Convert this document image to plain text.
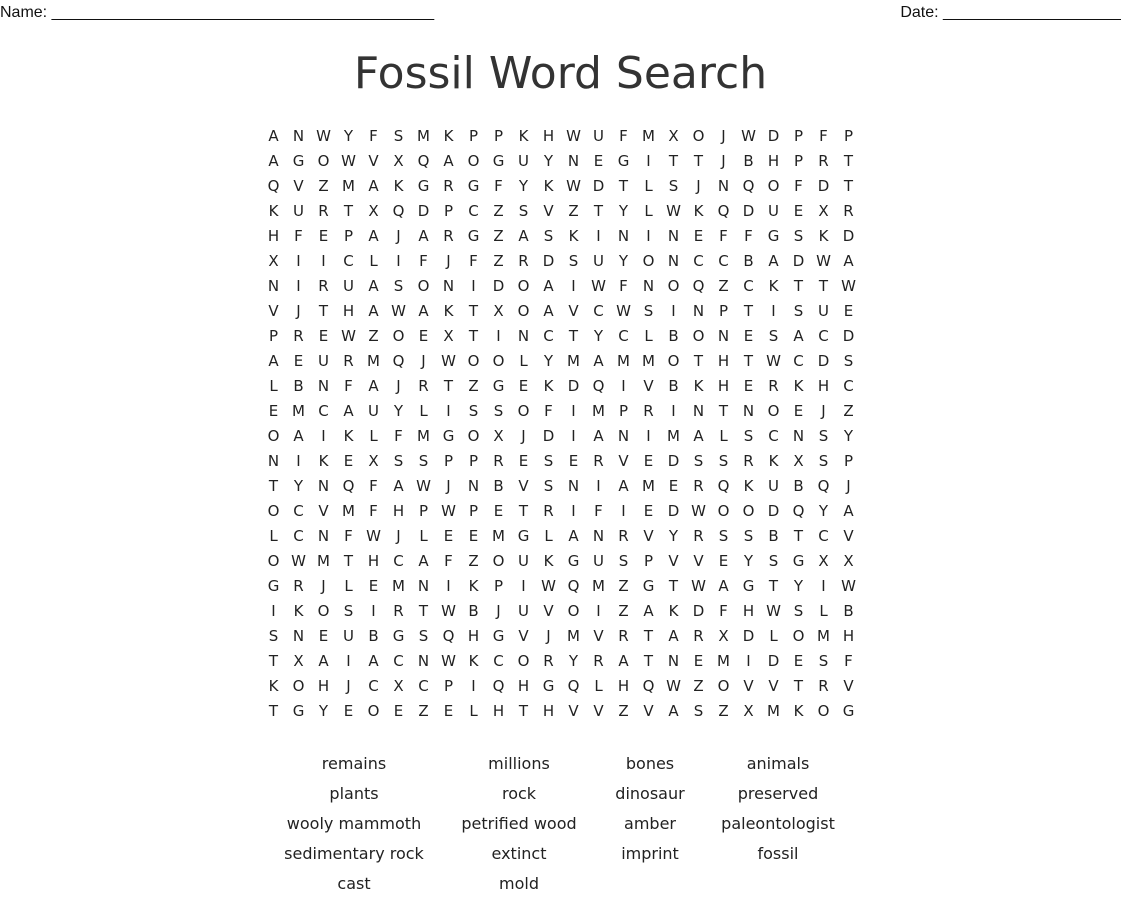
Name: ___________________________________________	Date: ____________________
Fossil Word Search
A N W Y	F	S M K	P	P	K H W U	F M X O	J	W D P	F	P
A G O W V X Q A O G U Y N E G	I	T	T	J	B H P	R	T
Q V Z M A K G R G F	Y	K W D T	L	S	J	N Q O F D T
K U R	T	X Q D P	C Z	S	V Z	T	Y	L W K Q D U E	X R
H	F	E	P	A	J	A R G Z A	S	K	I	N	I	N E	F	F G S	K D
X	I	I	C	L	I	F	J	F	Z R D S U Y O N C C B A D W A
N	I	R U A	S O N	I	D O A	I	W F	N O Q Z C K	T	T W
V	J	T H A W A K	T	X O A V C W S	I	N P	T	I	S U E
P	R	E W Z O E	X	T	I	N C	T	Y	C	L	B O N E	S	A C D
A	E U R M Q	J	W O O L	Y M A M M O T H T W C D S
L	B N	F	A	J	R	T	Z G E	K D Q	I	V B K H E	R K H C
E M C A U Y	L	I	S	S O F	I	M P	R	I	N T N O E	J	Z
O A	I	K	L	F M G O X	J	D	I	A N	I	M A	L	S C N S	Y
N	I	K	E	X	S	S	P	P	R	E	S	E	R V	E D S	S	R K X	S	P
T	Y N Q F	A W	J	N B V	S N	I	A M E	R Q K U B Q	J
O C V M F	H P W P	E	T	R	I	F	I	E D W O O D Q Y	A
L	C N	F W	J	L	E	E M G	L	A N R V	Y	R	S	S	B	T	C V
O W M T H C A	F	Z O U K G U S	P	V V	E	Y	S G X X
G R	J	L	E M N	I	K	P	I	W Q M Z G T W A G T	Y	I	W
I	K O S	I	R	T W B	J	U V O	I	Z A K D F	H W S	L	B
S N E U B G S Q H G V	J	M V R	T	A R X D	L O M H
T	X A	I	A C N W K C O R	Y	R A	T N E M	I	D E	S	F
K O H	J	C X C	P	I	Q H G Q L	H Q W Z O V V	T	R V
T G Y	E O E	Z	E	L	H T H V V Z V A	S	Z X M K O G
remains	millions	bones	animals
plants	rock	dinosaur	preserved
wooly mammoth	petrified wood	amber	paleontologist
sedimentary rock	extinct	imprint	fossil
cast	mold
